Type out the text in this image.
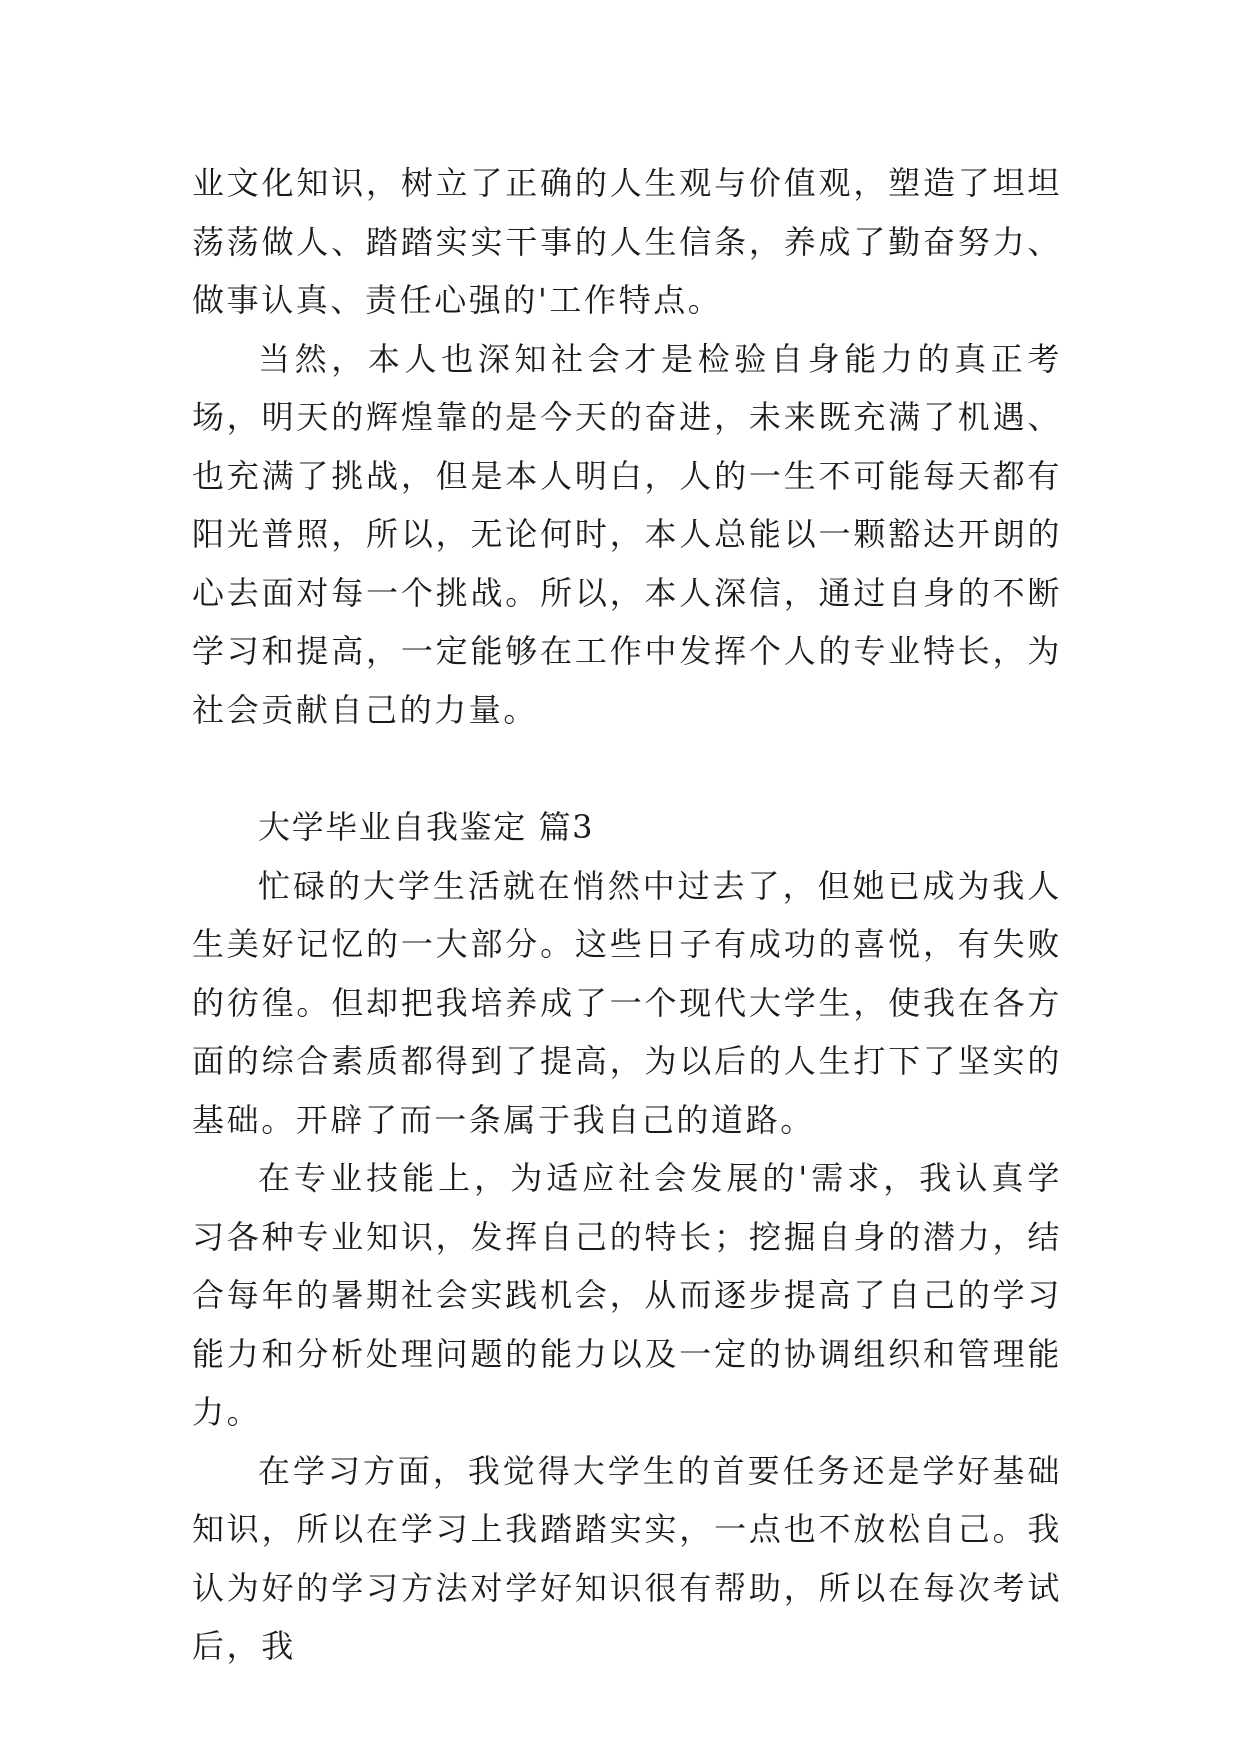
业文化知识，树立了正确的人生观与价值观，塑造了坦坦荡荡做人、踏踏实实干事的人生信条，养成了勤奋努力、做事认真、责任心强的'工作特点。

当然，本人也深知社会才是检验自身能力的真正考场，明天的辉煌靠的是今天的奋进，未来既充满了机遇、也充满了挑战，但是本人明白，人的一生不可能每天都有阳光普照，所以，无论何时，本人总能以一颗豁达开朗的心去面对每一个挑战。所以，本人深信，通过自身的不断学习和提高，一定能够在工作中发挥个人的专业特长，为社会贡献自己的力量。

大学毕业自我鉴定 篇3

忙碌的大学生活就在悄然中过去了，但她已成为我人生美好记忆的一大部分。这些日子有成功的喜悦，有失败的彷徨。但却把我培养成了一个现代大学生，使我在各方面的综合素质都得到了提高，为以后的人生打下了坚实的基础。开辟了而一条属于我自己的道路。

在专业技能上，为适应社会发展的'需求，我认真学习各种专业知识，发挥自己的特长；挖掘自身的潜力，结合每年的暑期社会实践机会，从而逐步提高了自己的学习能力和分析处理问题的能力以及一定的协调组织和管理能力。

在学习方面，我觉得大学生的首要任务还是学好基础知识，所以在学习上我踏踏实实，一点也不放松自己。我认为好的学习方法对学好知识很有帮助，所以在每次考试后，我
